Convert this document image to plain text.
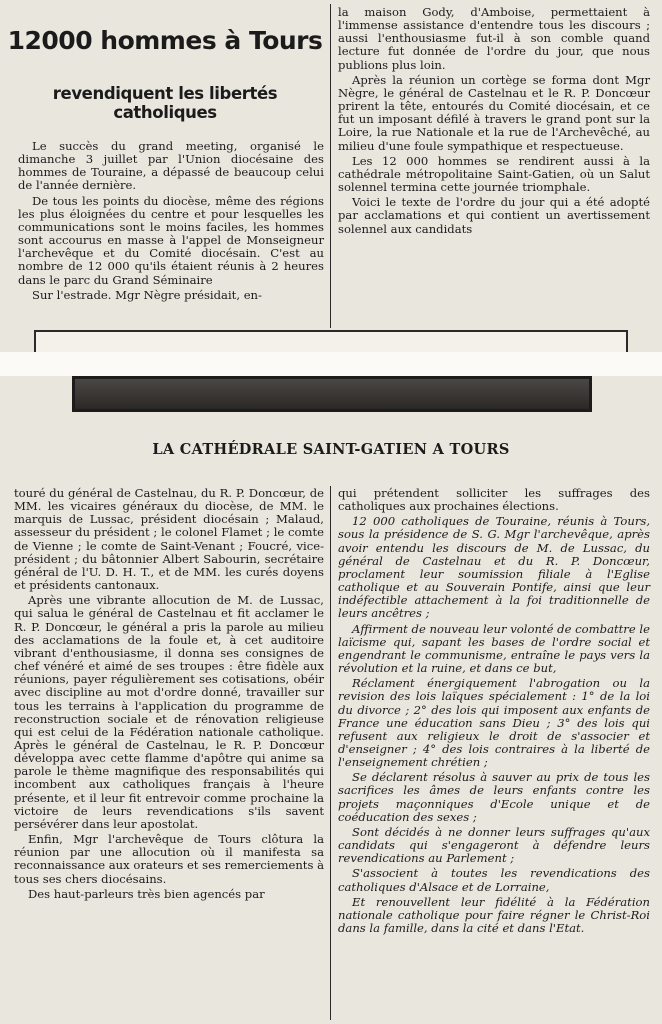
12000 hommes à Tours
revendiquent les libertés catholiques

Le succès du grand meeting, organisé le dimanche 3 juillet par l'Union diocésaine des hommes de Touraine, a dépassé de beaucoup celui de l'année dernière.

De tous les points du diocèse, même des régions les plus éloignées du centre et pour lesquelles les communications sont le moins faciles, les hommes sont accourus en masse à l'appel de Monseigneur l'archevêque et du Comité diocésain. C'est au nombre de 12 000 qu'ils étaient réunis à 2 heures dans le parc du Grand Séminaire

Sur l'estrade. Mgr Nègre présidait, en-

la maison Gody, d'Amboise, permettaient à l'immense assistance d'entendre tous les discours ; aussi l'enthousiasme fut-il à son comble quand lecture fut donnée de l'ordre du jour, que nous publions plus loin.

Après la réunion un cortège se forma dont Mgr Nègre, le général de Castelnau et le R. P. Doncœur prirent la tête, entourés du Comité diocésain, et ce fut un imposant défilé à travers le grand pont sur la Loire, la rue Nationale et la rue de l'Archevêché, au milieu d'une foule sympathique et respectueuse.

Les 12 000 hommes se rendirent aussi à la cathédrale métropolitaine Saint-Gatien, où un Salut solennel termina cette journée triomphale.

Voici le texte de l'ordre du jour qui a été adopté par acclamations et qui contient un avertissement solennel aux candidats

LA CATHÉDRALE SAINT-GATIEN A TOURS

touré du général de Castelnau, du R. P. Doncœur, de MM. les vicaires généraux du diocèse, de MM. le marquis de Lussac, président diocésain ; Malaud, assesseur du président ; le colonel Flamet ; le comte de Vienne ; le comte de Saint-Venant ; Foucré, vice-président ; du bâtonnier Albert Sabourin, secrétaire général de l'U. D. H. T., et de MM. les curés doyens et présidents cantonaux.

Après une vibrante allocution de M. de Lussac, qui salua le général de Castelnau et fit acclamer le R. P. Doncœur, le général a pris la parole au milieu des acclamations de la foule et, à cet auditoire vibrant d'enthousiasme, il donna ses consignes de chef vénéré et aimé de ses troupes : être fidèle aux réunions, payer régulièrement ses cotisations, obéir avec discipline au mot d'ordre donné, travailler sur tous les terrains à l'application du programme de reconstruction sociale et de rénovation religieuse qui est celui de la Fédération nationale catholique. Après le général de Castelnau, le R. P. Doncœur développa avec cette flamme d'apôtre qui anime sa parole le thème magnifique des responsabilités qui incombent aux catholiques français à l'heure présente, et il leur fit entrevoir comme prochaine la victoire de leurs revendications s'ils savent persévérer dans leur apostolat.

Enfin, Mgr l'archevêque de Tours clôtura la réunion par une allocution où il manifesta sa reconnaissance aux orateurs et ses remerciements à tous ses chers diocésains.

Des haut-parleurs très bien agencés par

qui prétendent solliciter les suffrages des catholiques aux prochaines élections.

12 000 catholiques de Touraine, réunis à Tours, sous la présidence de S. G. Mgr l'archevêque, après avoir entendu les discours de M. de Lussac, du général de Castelnau et du R. P. Doncœur, proclament leur soumission filiale à l'Eglise catholique et au Souverain Pontife, ainsi que leur indéfectible attachement à la foi traditionnelle de leurs ancêtres ;

Affirment de nouveau leur volonté de combattre le laïcisme qui, sapant les bases de l'ordre social et engendrant le communisme, entraîne le pays vers la révolution et la ruine, et dans ce but,

Réclament énergiquement l'abrogation ou la revision des lois laïques spécialement : 1° de la loi du divorce ; 2° des lois qui imposent aux enfants de France une éducation sans Dieu ; 3° des lois qui refusent aux religieux le droit de s'associer et d'enseigner ; 4° des lois contraires à la liberté de l'enseignement chrétien ;

Se déclarent résolus à sauver au prix de tous les sacrifices les âmes de leurs enfants contre les projets maçonniques d'Ecole unique et de coéducation des sexes ;

Sont décidés à ne donner leurs suffrages qu'aux candidats qui s'engageront à défendre leurs revendications au Parlement ;

S'associent à toutes les revendications des catholiques d'Alsace et de Lorraine,

Et renouvellent leur fidélité à la Fédération nationale catholique pour faire régner le Christ-Roi dans la famille, dans la cité et dans l'Etat.
